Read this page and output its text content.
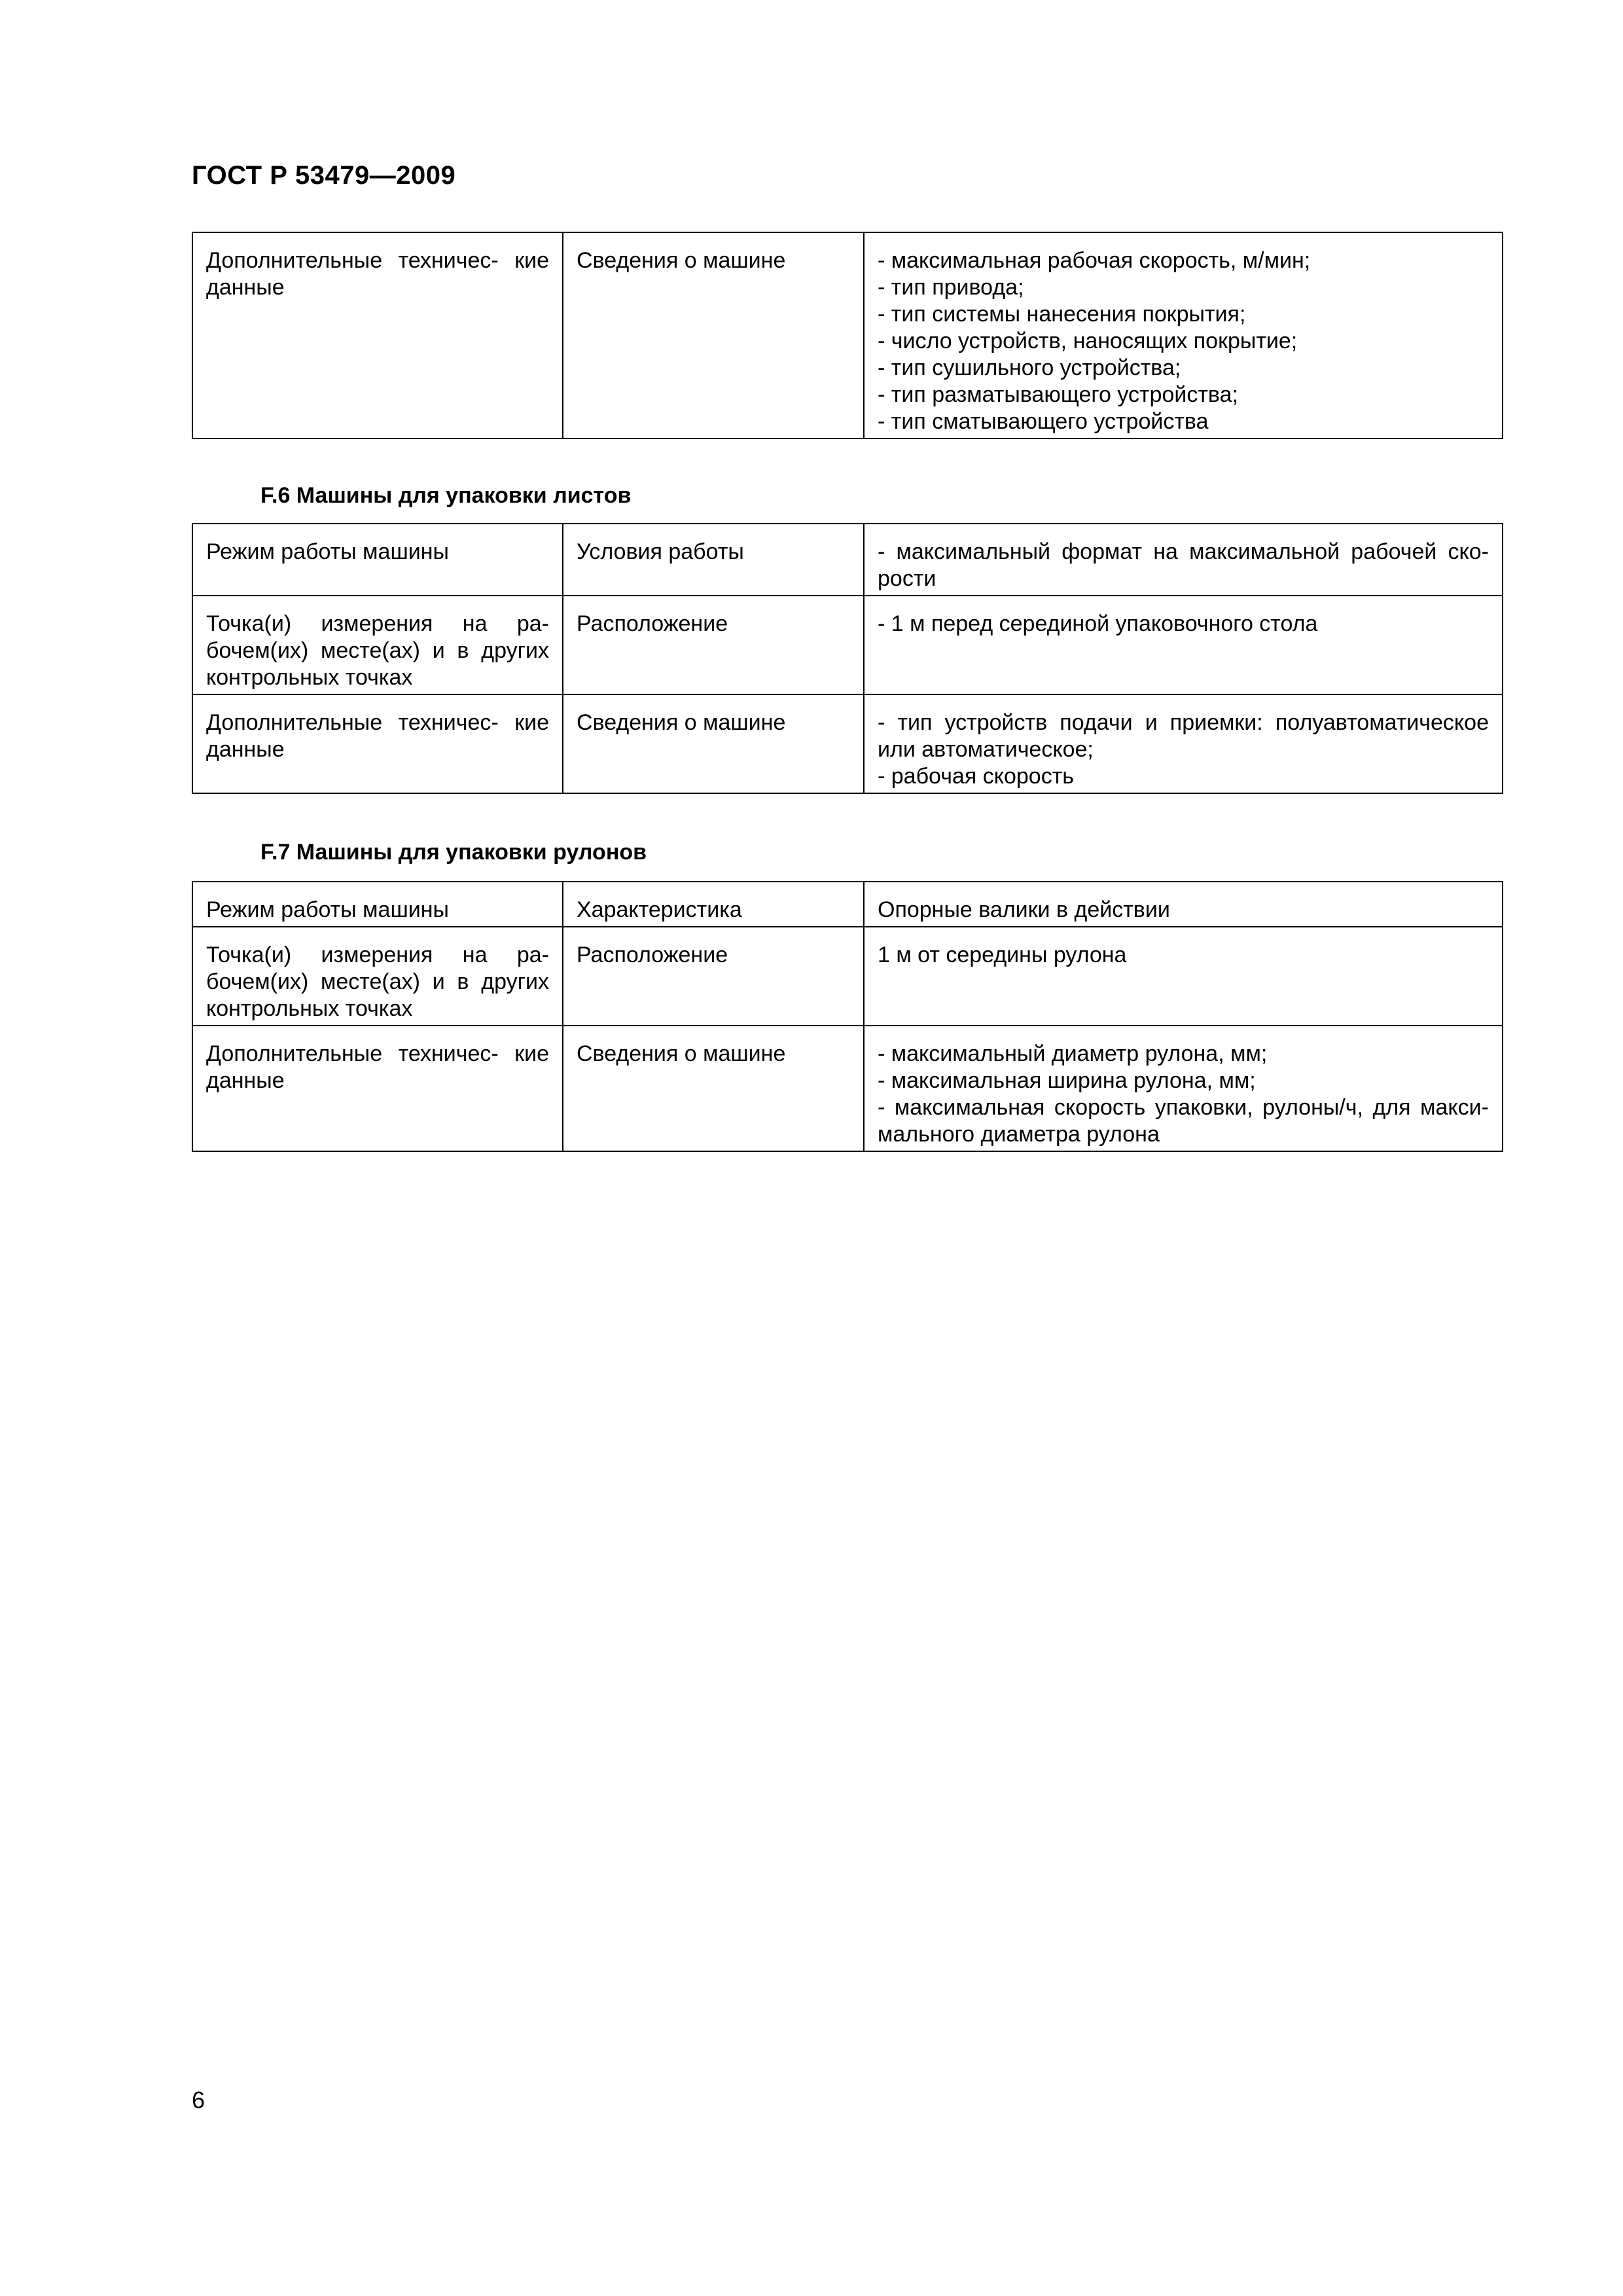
ГОСТ Р 53479—2009
Дополнительные техничес- кие данные	Сведения о машине	- максимальная рабочая скорость, м/мин;
- тип привода;
- тип системы нанесения покрытия;
- число устройств, наносящих покрытие;
- тип сушильного устройства;
- тип разматывающего устройства;
- тип сматывающего устройства
F.6 Машины для упаковки листов
Режим работы машины	Условия работы	- максимальный формат на максимальной рабочей ско- рости

Точка(и) измерения на ра- бочем(их) месте(ах) и в других контрольных точках	Расположение	- 1 м перед серединой упаковочного стола

Дополнительные техничес- кие данные	Сведения о машине	- тип устройств подачи и приемки: полуавтоматическое или автоматическое;
- рабочая скорость
F.7 Машины для упаковки рулонов
Режим работы машины	Характеристика	Опорные валики в действии

Точка(и) измерения на ра- бочем(их) месте(ах) и в других контрольных точках	Расположение	1 м от середины рулона

Дополнительные техничес- кие данные	Сведения о машине	- максимальный диаметр рулона, мм;
- максимальная ширина рулона, мм;
- максимальная скорость упаковки, рулоны/ч, для макси- мального диаметра рулона
6
